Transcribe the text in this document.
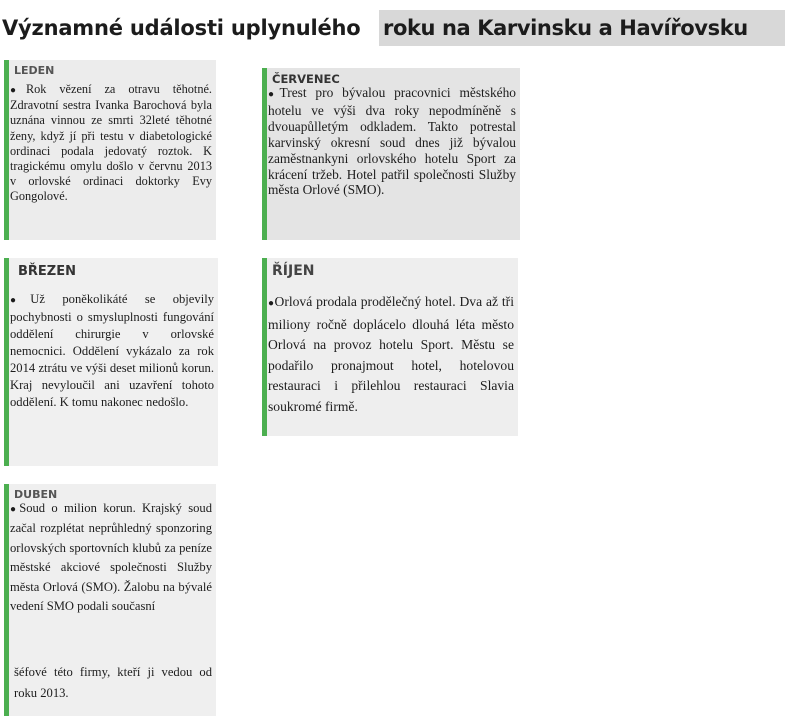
Významné události uplynulého roku na Karvinsku a Havířovsku
LEDEN
●Rok vězení za otravu těhotné. Zdravotní sestra Ivanka Barochová byla uznána vinnou ze smrti 32leté těhotné ženy, když jí při testu v diabetologické ordinaci podala jedovatý roztok. K tragickému omylu došlo v červnu 2013 v orlovské ordinaci doktorky Evy Gongolové.
BŘEZEN
●Už poněkolikáté se objevily pochybnosti o smysluplnosti fungování oddělení chirurgie v orlovské nemocnici. Oddělení vykázalo za rok 2014 ztrátu ve výši deset milionů korun. Kraj nevyloučil ani uzavření tohoto oddělení. K tomu nakonec nedošlo.
DUBEN
●Soud o milion korun. Krajský soud začal rozplétat neprůhledný sponzoring orlovských sportovních klubů za peníze městské akciové společnosti Služby města Orlová (SMO). Žalobu na bývalé vedení SMO podali současní
šéfové této firmy, kteří ji vedou od roku 2013.
ČERVENEC
●Trest pro bývalou pracovnici městského hotelu ve výši dva roky nepodmíněně s dvouapůlletým odkladem. Takto potrestal karvinský okresní soud dnes již bývalou zaměstnankyni orlovského hotelu Sport za krácení tržeb. Hotel patřil společnosti Služby města Orlové (SMO).
ŘÍJEN
●Orlová prodala prodělečný hotel. Dva až tři miliony ročně doplácelo dlouhá léta město Orlová na provoz hotelu Sport. Městu se podařilo pronajmout hotel, hotelovou restauraci i přilehlou restauraci Slavia soukromé firmě.
